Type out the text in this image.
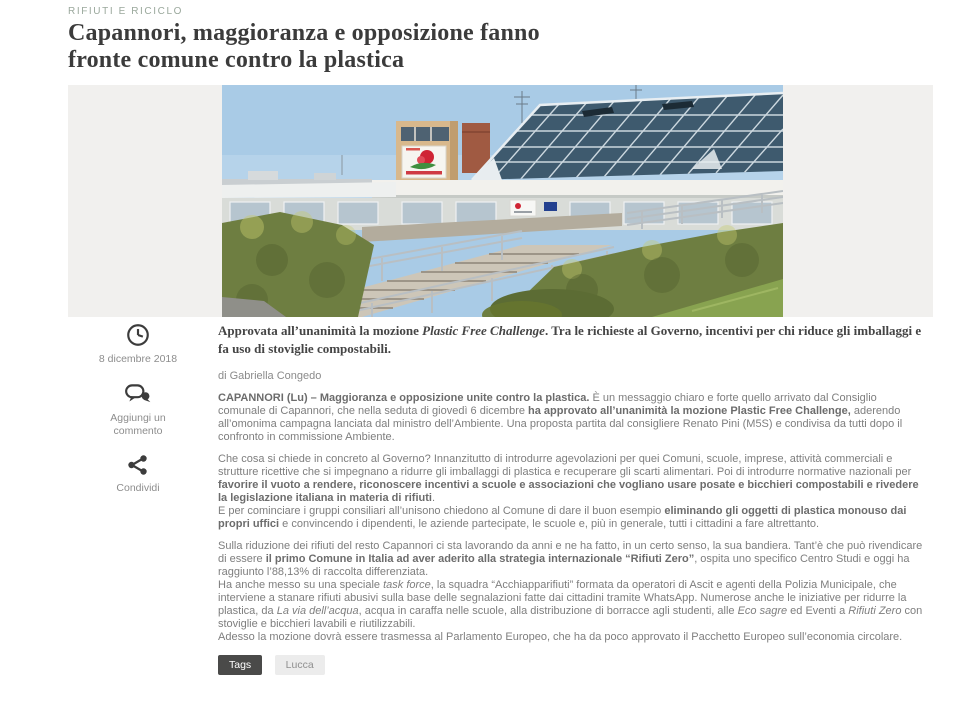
RIFIUTI E RICICLO
Capannori, maggioranza e opposizione fanno
fronte comune contro la plastica
8 dicembre 2018
Aggiungi un commento
Condividi

Approvata all’unanimità la mozione Plastic Free Challenge. Tra le richieste al Governo, incentivi per chi riduce gli imballaggi e fa uso di stoviglie compostabili.

di Gabriella Congedo

CAPANNORI (Lu) – Maggioranza e opposizione unite contro la plastica. È un messaggio chiaro e forte quello arrivato dal Consiglio comunale di Capannori, che nella seduta di giovedì 6 dicembre ha approvato all’unanimità la mozione Plastic Free Challenge, aderendo all’omonima campagna lanciata dal ministro dell’Ambiente. Una proposta partita dal consigliere Renato Pini (M5S) e condivisa da tutti dopo il confronto in commissione Ambiente.

Che cosa si chiede in concreto al Governo? Innanzitutto di introdurre agevolazioni per quei Comuni, scuole, imprese, attività commerciali e strutture ricettive che si impegnano a ridurre gli imballaggi di plastica e recuperare gli scarti alimentari. Poi di introdurre normative nazionali per favorire il vuoto a rendere, riconoscere incentivi a scuole e associazioni che vogliano usare posate e bicchieri compostabili e rivedere la legislazione italiana in materia di rifiuti.
E per cominciare i gruppi consiliari all’unisono chiedono al Comune di dare il buon esempio eliminando gli oggetti di plastica monouso dai propri uffici e convincendo i dipendenti, le aziende partecipate, le scuole e, più in generale, tutti i cittadini a fare altrettanto.

Sulla riduzione dei rifiuti del resto Capannori ci sta lavorando da anni e ne ha fatto, in un certo senso, la sua bandiera. Tant’è che può rivendicare di essere il primo Comune in Italia ad aver aderito alla strategia internazionale “Rifiuti Zero”, ospita uno specifico Centro Studi e oggi ha raggiunto l’88,13% di raccolta differenziata.
Ha anche messo su una speciale task force, la squadra “Acchiapparifiuti” formata da operatori di Ascit e agenti della Polizia Municipale, che interviene a stanare rifiuti abusivi sulla base delle segnalazioni fatte dai cittadini tramite WhatsApp. Numerose anche le iniziative per ridurre la plastica, da La via dell’acqua, acqua in caraffa nelle scuole, alla distribuzione di borracce agli studenti, alle Eco sagre ed Eventi a Rifiuti Zero con stoviglie e bicchieri lavabili e riutilizzabili.
Adesso la mozione dovrà essere trasmessa al Parlamento Europeo, che ha da poco approvato il Pacchetto Europeo sull’economia circolare.

Tags	Lucca
